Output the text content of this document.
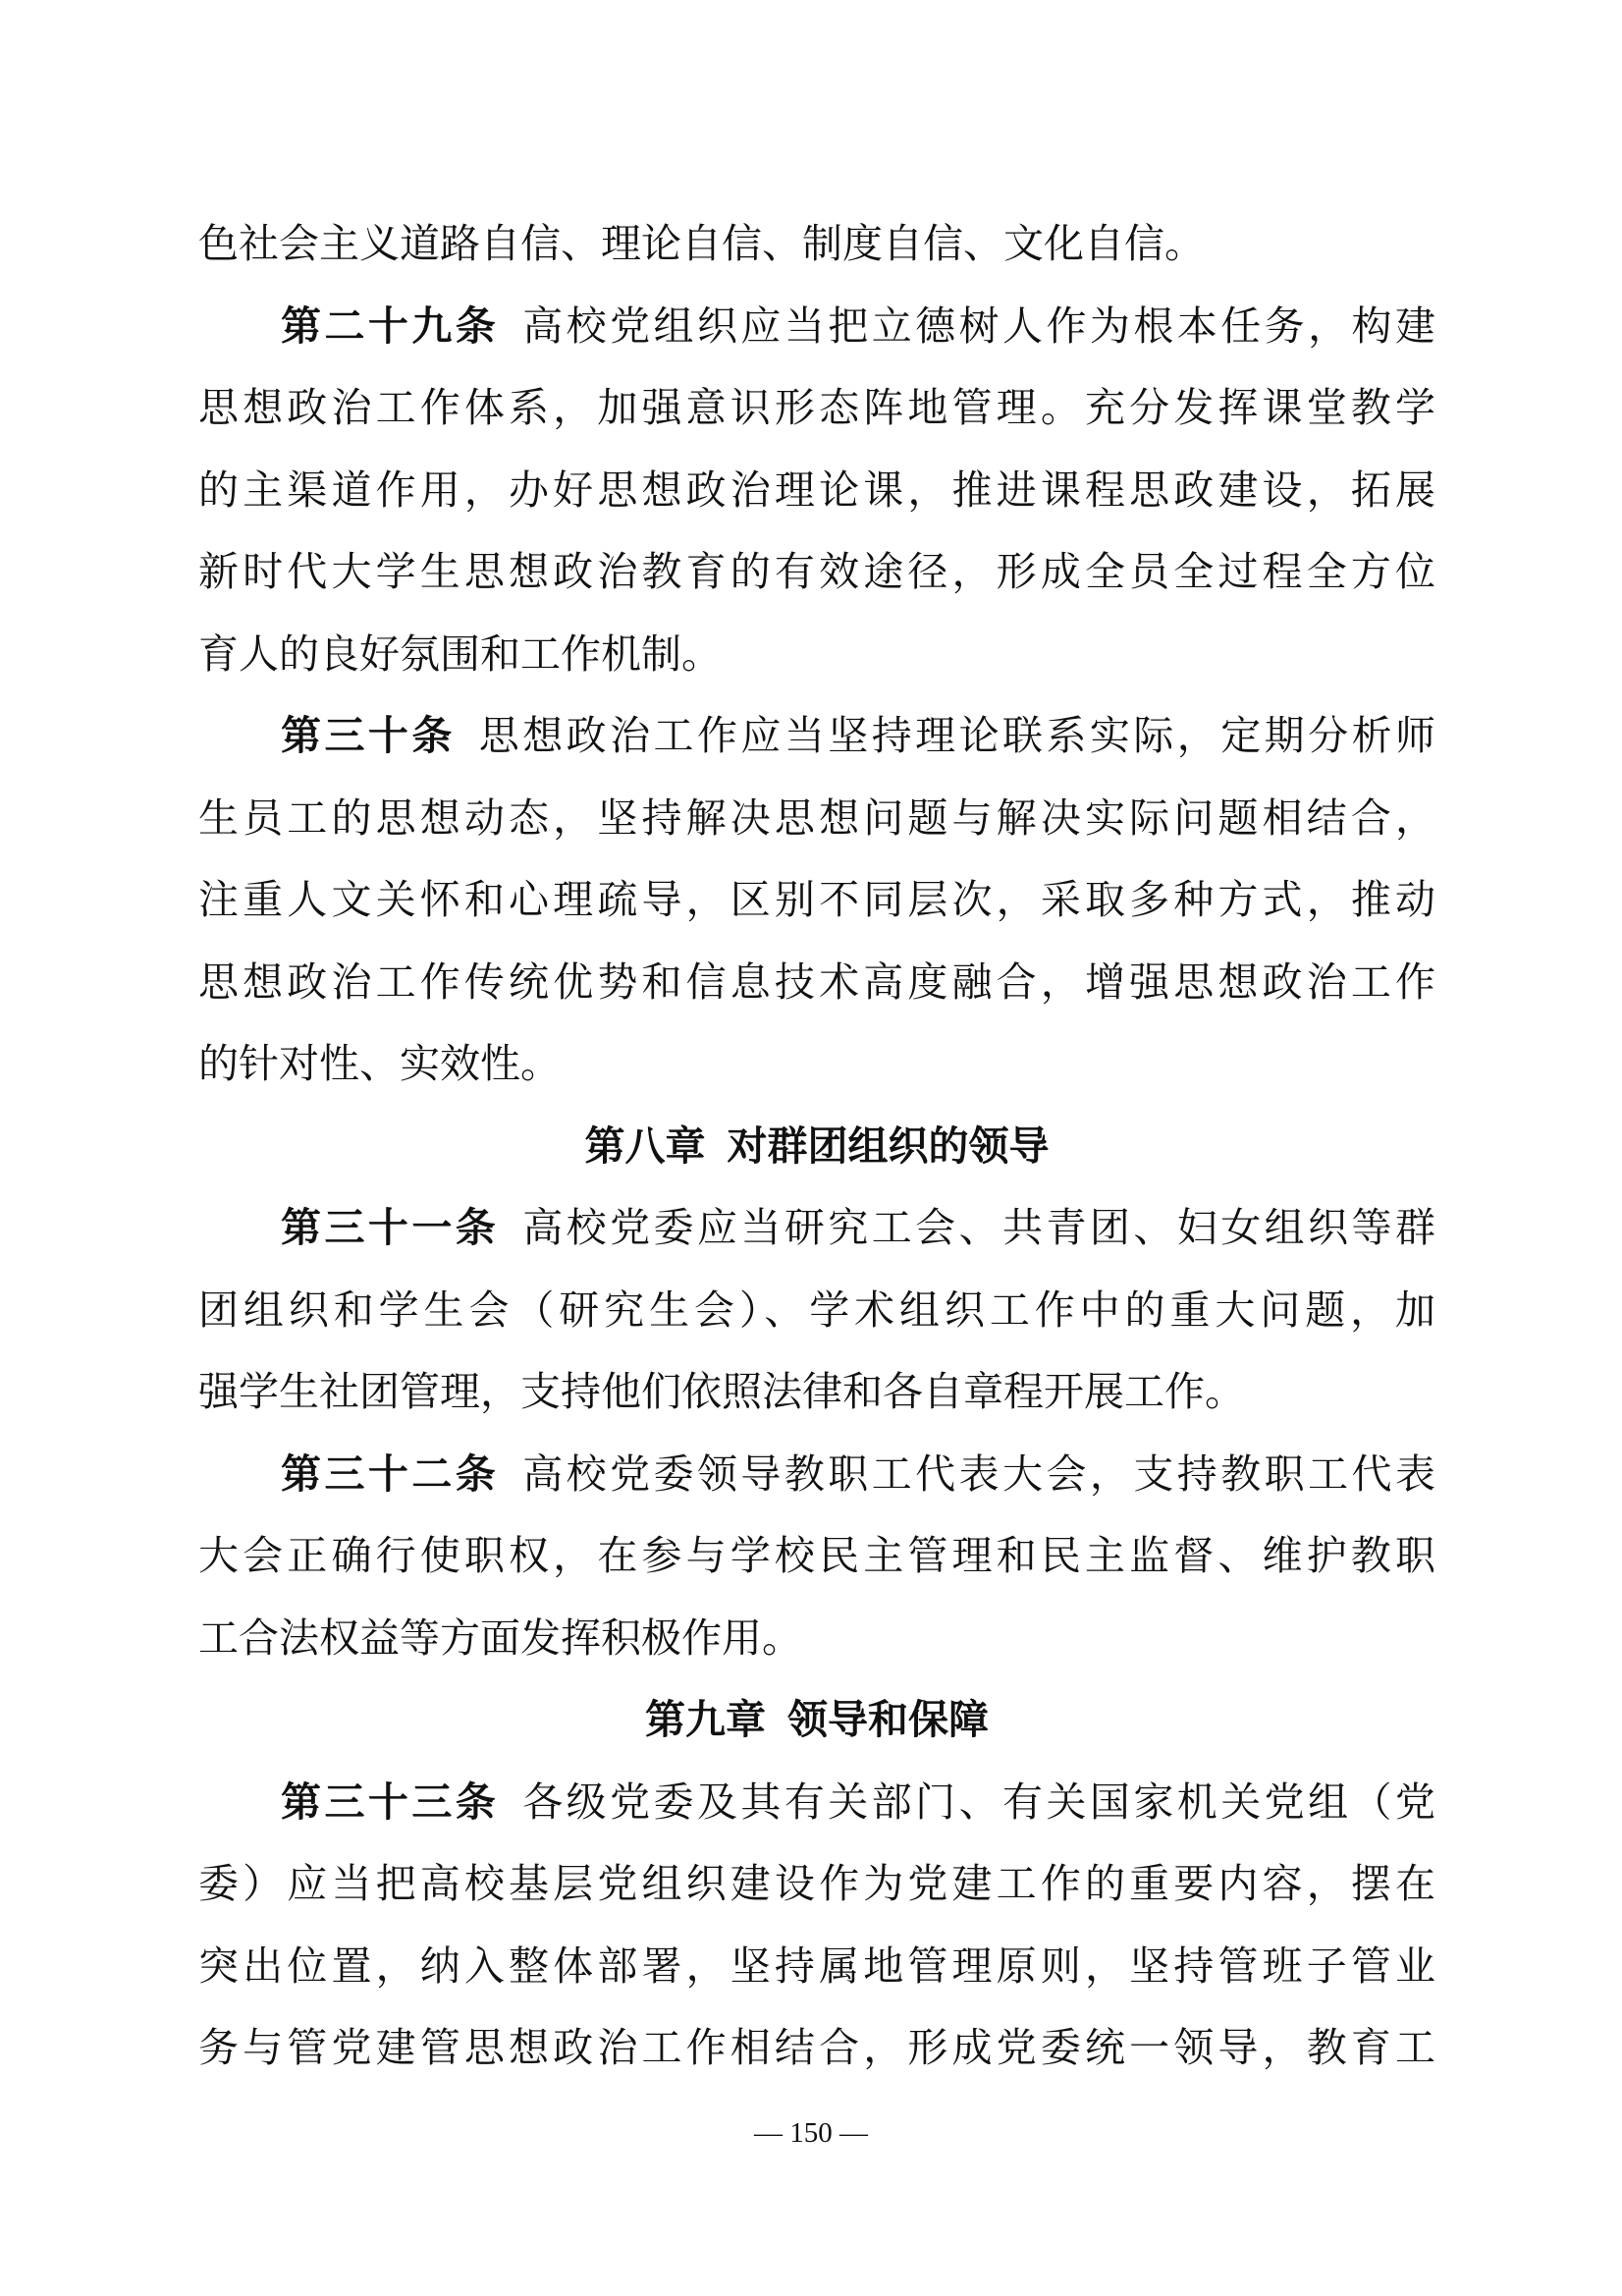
色社会主义道路自信、理论自信、制度自信、文化自信。
第二十九条 高校党组织应当把立德树人作为根本任务，构建
思想政治工作体系，加强意识形态阵地管理。充分发挥课堂教学
的主渠道作用，办好思想政治理论课，推进课程思政建设，拓展
新时代大学生思想政治教育的有效途径，形成全员全过程全方位
育人的良好氛围和工作机制。
第三十条 思想政治工作应当坚持理论联系实际，定期分析师
生员工的思想动态，坚持解决思想问题与解决实际问题相结合，
注重人文关怀和心理疏导，区别不同层次，采取多种方式，推动
思想政治工作传统优势和信息技术高度融合，增强思想政治工作
的针对性、实效性。
第八章 对群团组织的领导
第三十一条 高校党委应当研究工会、共青团、妇女组织等群
团组织和学生会（研究生会）、学术组织工作中的重大问题，加
强学生社团管理，支持他们依照法律和各自章程开展工作。
第三十二条 高校党委领导教职工代表大会，支持教职工代表
大会正确行使职权，在参与学校民主管理和民主监督、维护教职
工合法权益等方面发挥积极作用。
第九章 领导和保障
第三十三条 各级党委及其有关部门、有关国家机关党组（党
委）应当把高校基层党组织建设作为党建工作的重要内容，摆在
突出位置，纳入整体部署，坚持属地管理原则，坚持管班子管业
务与管党建管思想政治工作相结合，形成党委统一领导，教育工
— 150 —
